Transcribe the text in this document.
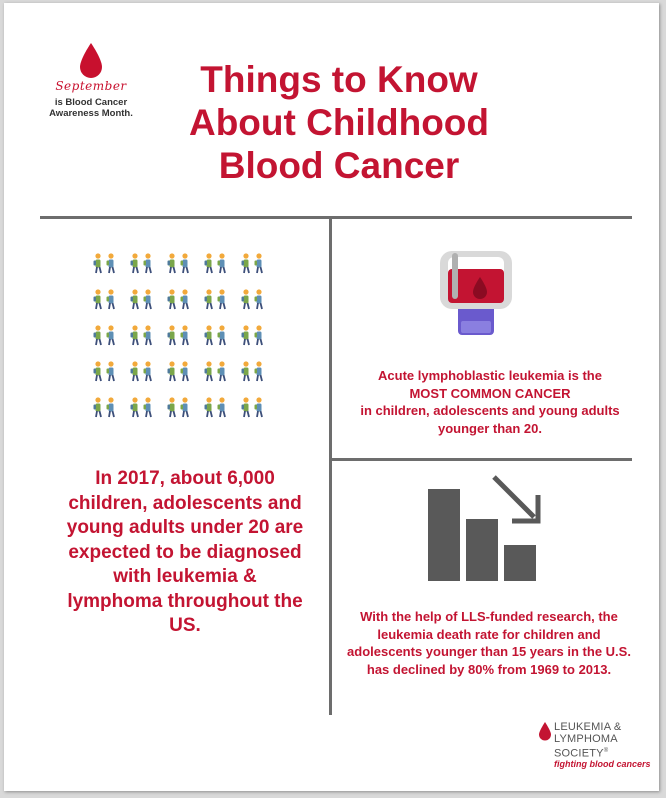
September
is Blood Cancer Awareness Month.
Things to Know About Childhood Blood Cancer
In 2017, about 6,000 children, adolescents and young adults under 20 are expected to be diagnosed with leukemia & lymphoma throughout the US.
Acute lymphoblastic leukemia is the
MOST COMMON CANCER
in children, adolescents and young adults younger than 20.
With the help of LLS-funded research, the leukemia death rate for children and adolescents younger than 15 years in the U.S. has declined by 80% from 1969 to 2013.
LEUKEMIA &
LYMPHOMA
SOCIETY®
fighting blood cancers
